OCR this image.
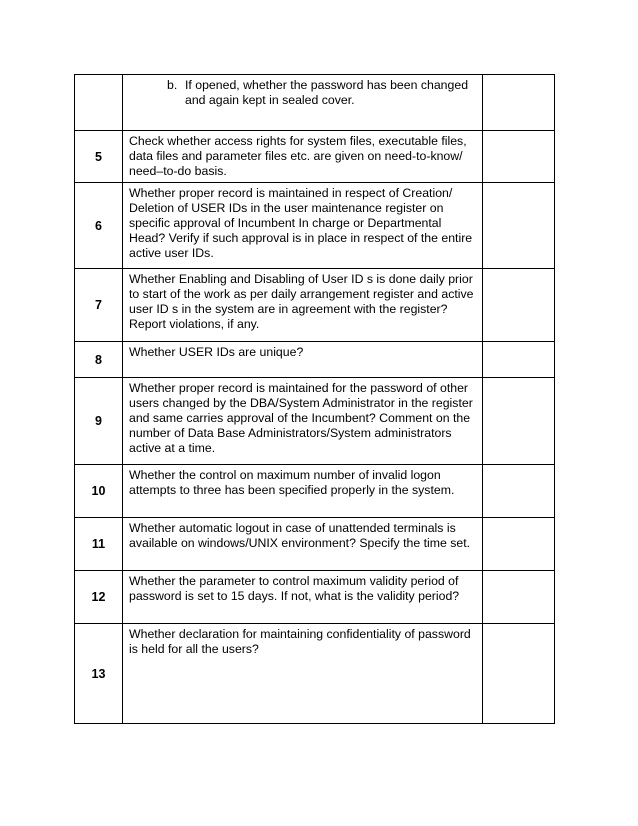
	b. If opened, whether the password has been changed and again kept in sealed cover.	

5	Check whether access rights for system files, executable files, data files and parameter files etc. are given on need-to-know/ need–to-do basis.	
6	Whether proper record is maintained in respect of Creation/ Deletion of USER IDs in the user maintenance register on specific approval of Incumbent In charge or Departmental Head? Verify if such approval is in place in respect of the entire active user IDs.	
7	Whether Enabling and Disabling of User ID s is done daily prior to start of the work as per daily arrangement register and active user ID s in the system are in agreement with the register? Report violations, if any.	
8	Whether USER IDs are unique?	
9	Whether proper record is maintained for the password of other users changed by the DBA/System Administrator in the register and same carries approval of the Incumbent? Comment on the number of Data Base Administrators/System administrators active at a time.	
10	Whether the control on maximum number of invalid logon attempts to three has been specified properly in the system.	
11	Whether automatic logout in case of unattended terminals is available on windows/UNIX environment? Specify the time set.	
12	Whether the parameter to control maximum validity period of password is set to 15 days. If not, what is the validity period?	
13	Whether declaration for maintaining confidentiality of password is held for all the users?	
